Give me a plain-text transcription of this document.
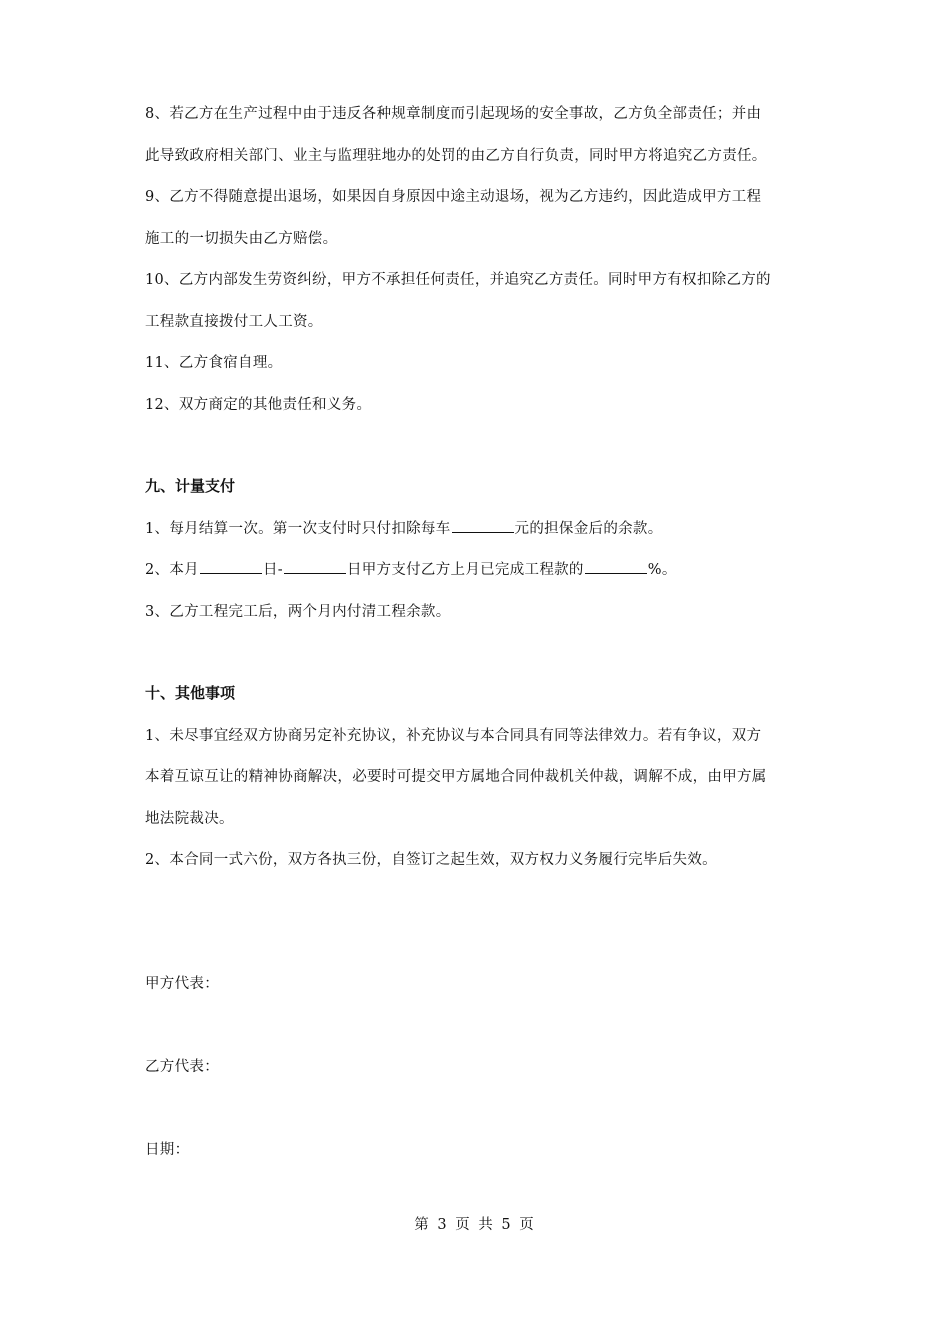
8、若乙方在生产过程中由于违反各种规章制度而引起现场的安全事故，乙方负全部责任；并由
此导致政府相关部门、业主与监理驻地办的处罚的由乙方自行负责，同时甲方将追究乙方责任。
9、乙方不得随意提出退场，如果因自身原因中途主动退场，视为乙方违约，因此造成甲方工程
施工的一切损失由乙方赔偿。
10、乙方内部发生劳资纠纷，甲方不承担任何责任，并追究乙方责任。同时甲方有权扣除乙方的
工程款直接拨付工人工资。
11、乙方食宿自理。
12、双方商定的其他责任和义务。
九、计量支付
1、每月结算一次。第一次支付时只付扣除每车	元的担保金后的余款。
2、本月	日-	日甲方支付乙方上月已完成工程款的	%。
3、乙方工程完工后，两个月内付清工程余款。
十、其他事项
1、未尽事宜经双方协商另定补充协议，补充协议与本合同具有同等法律效力。若有争议，双方
本着互谅互让的精神协商解决，必要时可提交甲方属地合同仲裁机关仲裁，调解不成，由甲方属
地法院裁决。
2、本合同一式六份，双方各执三份，自签订之起生效，双方权力义务履行完毕后失效。
甲方代表：
乙方代表：
日期：
第 3 页 共 5 页
